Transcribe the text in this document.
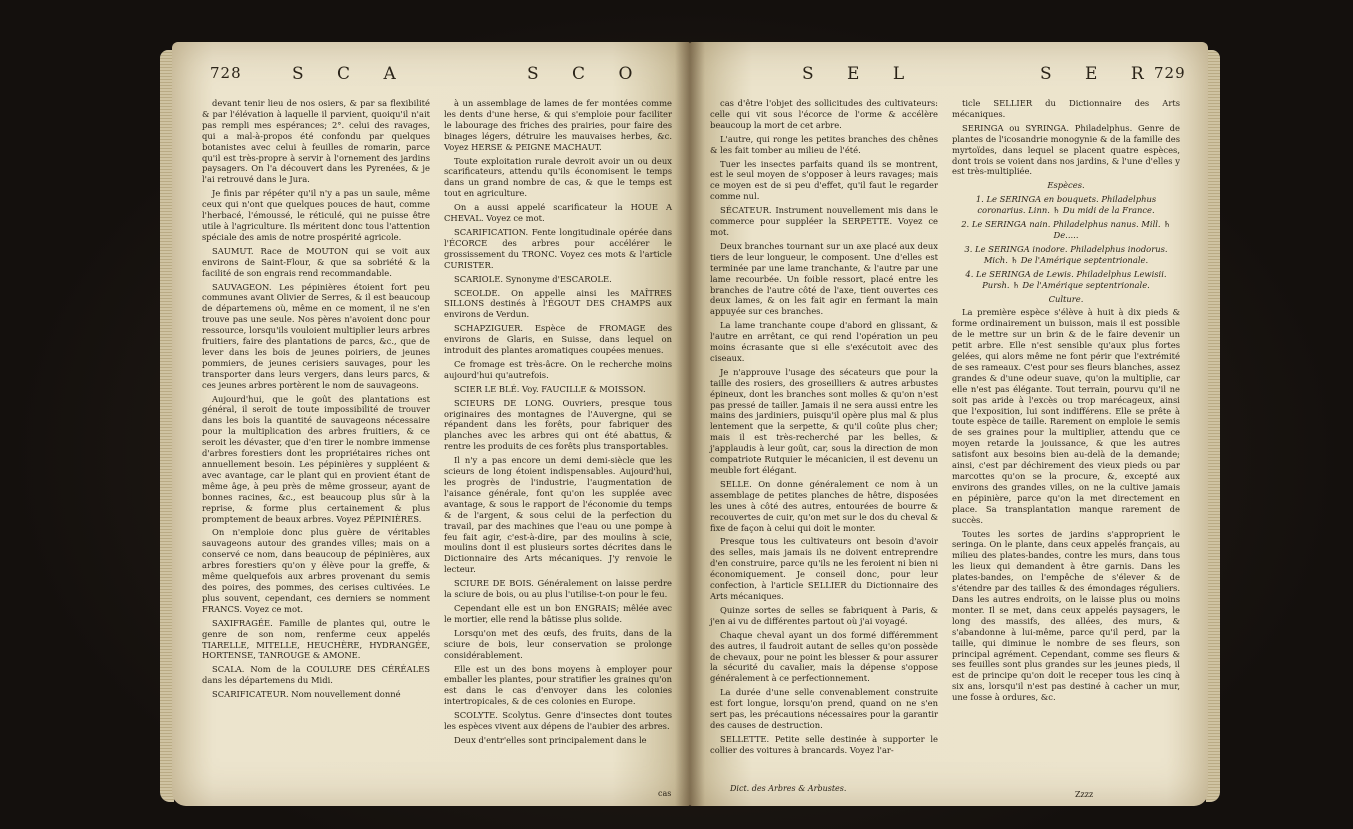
728	S C A	S C O

devant tenir lieu de nos osiers, & par sa flexibilité & par l'élévation à laquelle il parvient, quoiqu'il n'ait pas rempli mes espérances; 2°. celui des ravages, qui a mal-à-propos été confondu par quelques botanistes avec celui à feuilles de romarin, parce qu'il est très-propre à servir à l'ornement des jardins paysagers. On l'a découvert dans les Pyrenées, & je l'ai retrouvé dans le Jura.

Je finis par répéter qu'il n'y a pas un saule, même ceux qui n'ont que quelques pouces de haut, comme l'herbacé, l'émoussé, le réticulé, qui ne puisse être utile à l'agriculture. Ils méritent donc tous l'attention spéciale des amis de notre prospérité agricole.

SAUMUT. Race de MOUTON qui se voit aux environs de Saint-Flour, & que sa sobriété & la facilité de son engrais rend recommandable.

SAUVAGEON. Les pépinières étoient fort peu communes avant Olivier de Serres, & il est beaucoup de départemens où, même en ce moment, il ne s'en trouve pas une seule. Nos pères n'avoient donc pour ressource, lorsqu'ils vouloient multiplier leurs arbres fruitiers, faire des plantations de parcs, &c., que de lever dans les bois de jeunes poiriers, de jeunes pommiers, de jeunes cerisiers sauvages, pour les transporter dans leurs vergers, dans leurs parcs, & ces jeunes arbres portèrent le nom de sauvageons.

Aujourd'hui, que le goût des plantations est général, il seroit de toute impossibilité de trouver dans les bois la quantité de sauvageons nécessaire pour la multiplication des arbres fruitiers, & ce seroit les dévaster, que d'en tirer le nombre immense d'arbres forestiers dont les propriétaires riches ont annuellement besoin. Les pépinières y suppléent & avec avantage, car le plant qui en provient étant de même âge, à peu près de même grosseur, ayant de bonnes racines, &c., est beaucoup plus sûr à la reprise, & forme plus certainement & plus promptement de beaux arbres. Voyez PÉPINIÈRES.

On n'emploie donc plus guère de véritables sauvageons autour des grandes villes; mais on a conservé ce nom, dans beaucoup de pépinières, aux arbres forestiers qu'on y élève pour la greffe, & même quelquefois aux arbres provenant du semis des poires, des pommes, des cerises cultivées. Le plus souvent, cependant, ces derniers se nomment FRANCS. Voyez ce mot.

SAXIFRAGÉE. Famille de plantes qui, outre le genre de son nom, renferme ceux appelés TIARELLE, MITELLE, HEUCHÈRE, HYDRANGÉE, HORTENSE, TANROUGE & AMONE.

SCALA. Nom de la COULURE DES CÉRÉALES dans les départemens du Midi.

SCARIFICATEUR. Nom nouvellement donné

à un assemblage de lames de fer montées comme les dents d'une herse, & qui s'emploie pour faciliter le labourage des friches des prairies, pour faire des binages légers, détruire les mauvaises herbes, &c. Voyez HERSE & PEIGNE MACHAUT.

Toute exploitation rurale devroit avoir un ou deux scarificateurs, attendu qu'ils économisent le temps dans un grand nombre de cas, & que le temps est tout en agriculture.

On a aussi appelé scarificateur la HOUE A CHEVAL. Voyez ce mot.

SCARIFICATION. Fente longitudinale opérée dans l'ÉCORCE des arbres pour accélérer le grossissement du TRONC. Voyez ces mots & l'article CURISTER.

SCARIOLE. Synonyme d'ESCAROLE.

SCEOLDE. On appelle ainsi les MAÎTRES SILLONS destinés à l'ÉGOUT DES CHAMPS aux environs de Verdun.

SCHAPZIGUER. Espèce de FROMAGE des environs de Glaris, en Suisse, dans lequel on introduit des plantes aromatiques coupées menues.

Ce fromage est très-âcre. On le recherche moins aujourd'hui qu'autrefois.

SCIER LE BLÉ. Voy. FAUCILLE & MOISSON.

SCIEURS DE LONG. Ouvriers, presque tous originaires des montagnes de l'Auvergne, qui se répandent dans les forêts, pour fabriquer des planches avec les arbres qui ont été abattus, & rentre les produits de ces forêts plus transportables.

Il n'y a pas encore un demi demi-siècle que les scieurs de long étoient indispensables. Aujourd'hui, les progrès de l'industrie, l'augmentation de l'aisance générale, font qu'on les supplée avec avantage, & sous le rapport de l'économie du temps & de l'argent, & sous celui de la perfection du travail, par des machines que l'eau ou une pompe à feu fait agir, c'est-à-dire, par des moulins à scie, moulins dont il est plusieurs sortes décrites dans le Dictionnaire des Arts mécaniques. J'y renvoie le lecteur.

SCIURE DE BOIS. Généralement on laisse perdre la sciure de bois, ou au plus l'utilise-t-on pour le feu.

Cependant elle est un bon ENGRAIS; mêlée avec le mortier, elle rend la bâtisse plus solide.

Lorsqu'on met des œufs, des fruits, dans de la sciure de bois, leur conservation se prolonge considérablement.

Elle est un des bons moyens à employer pour emballer les plantes, pour stratifier les graines qu'on est dans le cas d'envoyer dans les colonies intertropicales, & de ces colonies en Europe.

SCOLYTE. Scolytus. Genre d'insectes dont toutes les espèces vivent aux dépens de l'aubier des arbres.

Deux d'entr'elles sont principalement dans le

cas
S E L	S E R
729

cas d'être l'objet des sollicitudes des cultivateurs: celle qui vit sous l'écorce de l'orme & accélère beaucoup la mort de cet arbre.

L'autre, qui ronge les petites branches des chênes & les fait tomber au milieu de l'été.

Tuer les insectes parfaits quand ils se montrent, est le seul moyen de s'opposer à leurs ravages; mais ce moyen est de si peu d'effet, qu'il faut le regarder comme nul.

SÉCATEUR. Instrument nouvellement mis dans le commerce pour suppléer la SERPETTE. Voyez ce mot.

Deux branches tournant sur un axe placé aux deux tiers de leur longueur, le composent. Une d'elles est terminée par une lame tranchante, & l'autre par une lame recourbée. Un foible ressort, placé entre les branches de l'autre côté de l'axe, tient ouvertes ces deux lames, & on les fait agir en fermant la main appuyée sur ces branches.

La lame tranchante coupe d'abord en glissant, & l'autre en arrêtant, ce qui rend l'opération un peu moins écrasante que si elle s'exécutoit avec des ciseaux.

Je n'approuve l'usage des sécateurs que pour la taille des rosiers, des groseilliers & autres arbustes épineux, dont les branches sont molles & qu'on n'est pas pressé de tailler. Jamais il ne sera aussi entre les mains des jardiniers, puisqu'il opère plus mal & plus lentement que la serpette, & qu'il coûte plus cher; mais il est très-recherché par les belles, & j'applaudis à leur goût, car, sous la direction de mon compatriote Rutquier le mécanicien, il est devenu un meuble fort élégant.

SELLE. On donne généralement ce nom à un assemblage de petites planches de hêtre, disposées les unes à côté des autres, entourées de bourre & recouvertes de cuir, qu'on met sur le dos du cheval & fixe de façon à celui qui doit le monter.

Presque tous les cultivateurs ont besoin d'avoir des selles, mais jamais ils ne doivent entreprendre d'en construire, parce qu'ils ne les feroient ni bien ni économiquement. Je conseil donc, pour leur confection, à l'article SELLIER du Dictionnaire des Arts mécaniques.

Quinze sortes de selles se fabriquent à Paris, & j'en ai vu de différentes partout où j'ai voyagé.

Chaque cheval ayant un dos formé différemment des autres, il faudroit autant de selles qu'on possède de chevaux, pour ne point les blesser & pour assurer la sécurité du cavalier, mais la dépense s'oppose généralement à ce perfectionnement.

La durée d'une selle convenablement construite est fort longue, lorsqu'on prend, quand on ne s'en sert pas, les précautions nécessaires pour la garantir des causes de destruction.

SELLETTE. Petite selle destinée à supporter le collier des voitures à brancards. Voyez l'ar-

ticle SELLIER du Dictionnaire des Arts mécaniques.

SERINGA ou SYRINGA. Philadelphus. Genre de plantes de l'icosandrie monogynie & de la famille des myrtoïdes, dans lequel se placent quatre espèces, dont trois se voient dans nos jardins, & l'une d'elles y est très-multipliée.

Espèces.

1. Le SERINGA en bouquets. Philadelphus coronarius. Linn. ♄ Du midi de la France.

2. Le SERINGA nain. Philadelphus nanus. Mill. ♄ De.....

3. Le SERINGA inodore. Philadelphus inodorus. Mich. ♄ De l'Amérique septentrionale.

4. Le SERINGA de Lewis. Philadelphus Lewisii. Pursh. ♄ De l'Amérique septentrionale.

Culture.

La première espèce s'élève à huit à dix pieds & forme ordinairement un buisson, mais il est possible de le mettre sur un brin & de le faire devenir un petit arbre. Elle n'est sensible qu'aux plus fortes gelées, qui alors même ne font périr que l'extrémité de ses rameaux. C'est pour ses fleurs blanches, assez grandes & d'une odeur suave, qu'on la multiplie, car elle n'est pas élégante. Tout terrain, pourvu qu'il ne soit pas aride à l'excès ou trop marécageux, ainsi que l'exposition, lui sont indifférens. Elle se prête à toute espèce de taille. Rarement on emploie le semis de ses graines pour la multiplier, attendu que ce moyen retarde la jouissance, & que les autres satisfont aux besoins bien au-delà de la demande; ainsi, c'est par déchirement des vieux pieds ou par marcottes qu'on se la procure, &, excepté aux environs des grandes villes, on ne la cultive jamais en pépinière, parce qu'on la met directement en place. Sa transplantation manque rarement de succès.

Toutes les sortes de jardins s'approprient le seringa. On le plante, dans ceux appelés français, au milieu des plates-bandes, contre les murs, dans tous les lieux qui demandent à être garnis. Dans les plates-bandes, on l'empêche de s'élever & de s'étendre par des tailles & des émondages réguliers. Dans les autres endroits, on le laisse plus ou moins monter. Il se met, dans ceux appelés paysagers, le long des massifs, des allées, des murs, & s'abandonne à lui-même, parce qu'il perd, par la taille, qui diminue le nombre de ses fleurs, son principal agrément. Cependant, comme ses fleurs & ses feuilles sont plus grandes sur les jeunes pieds, il est de principe qu'on doit le receper tous les cinq à six ans, lorsqu'il n'est pas destiné à cacher un mur, une fosse à ordures, &c.

Dict. des Arbres & Arbustes.
Zzzz
